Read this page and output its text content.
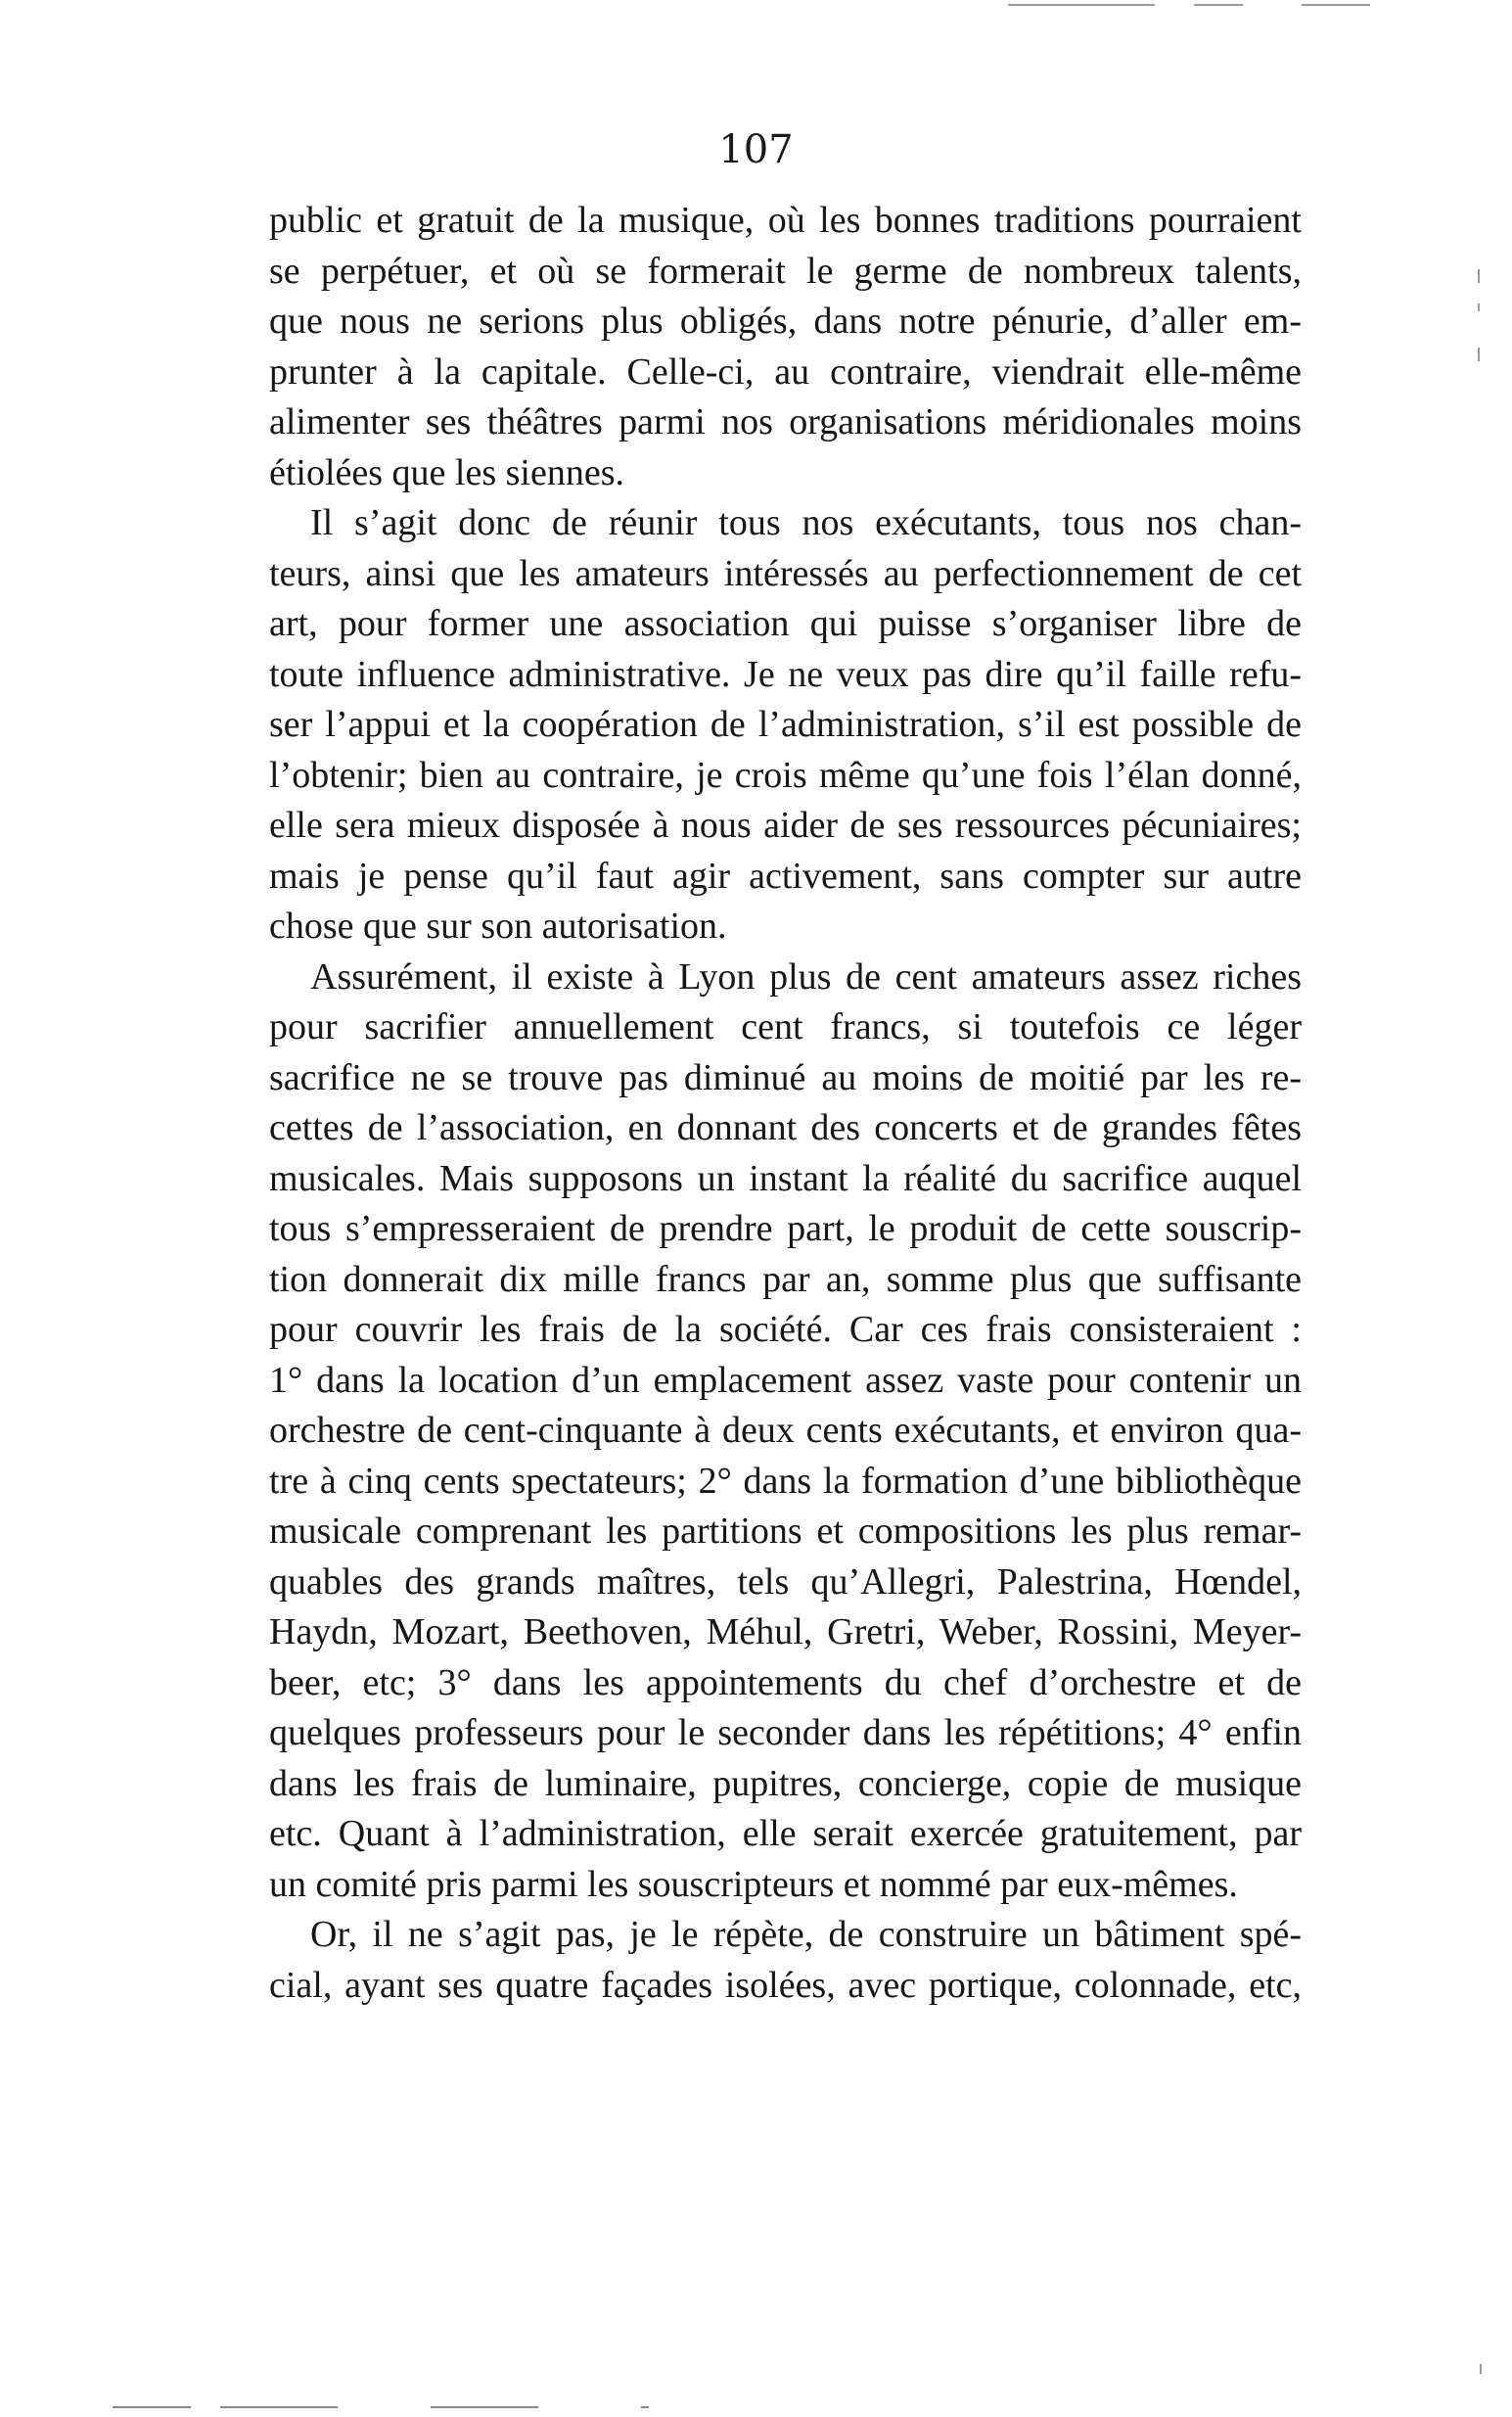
107
public et gratuit de la musique, où les bonnes traditions pourraient
se perpétuer, et où se formerait le germe de nombreux talents,
que nous ne serions plus obligés, dans notre pénurie, d’aller em-
prunter à la capitale. Celle-ci, au contraire, viendrait elle-même
alimenter ses théâtres parmi nos organisations méridionales moins
étiolées que les siennes.
Il s’agit donc de réunir tous nos exécutants, tous nos chan-
teurs, ainsi que les amateurs intéressés au perfectionnement de cet
art, pour former une association qui puisse s’organiser libre de
toute influence administrative. Je ne veux pas dire qu’il faille refu-
ser l’appui et la coopération de l’administration, s’il est possible de
l’obtenir; bien au contraire, je crois même qu’une fois l’élan donné,
elle sera mieux disposée à nous aider de ses ressources pécuniaires;
mais je pense qu’il faut agir activement, sans compter sur autre
chose que sur son autorisation.
Assurément, il existe à Lyon plus de cent amateurs assez riches
pour sacrifier annuellement cent francs, si toutefois ce léger
sacrifice ne se trouve pas diminué au moins de moitié par les re-
cettes de l’association, en donnant des concerts et de grandes fêtes
musicales. Mais supposons un instant la réalité du sacrifice auquel
tous s’empresseraient de prendre part, le produit de cette souscrip-
tion donnerait dix mille francs par an, somme plus que suffisante
pour couvrir les frais de la société. Car ces frais consisteraient :
1° dans la location d’un emplacement assez vaste pour contenir un
orchestre de cent-cinquante à deux cents exécutants, et environ qua-
tre à cinq cents spectateurs; 2° dans la formation d’une bibliothèque
musicale comprenant les partitions et compositions les plus remar-
quables des grands maîtres, tels qu’Allegri, Palestrina, Hœndel,
Haydn, Mozart, Beethoven, Méhul, Gretri, Weber, Rossini, Meyer-
beer, etc; 3° dans les appointements du chef d’orchestre et de
quelques professeurs pour le seconder dans les répétitions; 4° enfin
dans les frais de luminaire, pupitres, concierge, copie de musique
etc. Quant à l’administration, elle serait exercée gratuitement, par
un comité pris parmi les souscripteurs et nommé par eux-mêmes.
Or, il ne s’agit pas, je le répète, de construire un bâtiment spé-
cial, ayant ses quatre façades isolées, avec portique, colonnade, etc,
